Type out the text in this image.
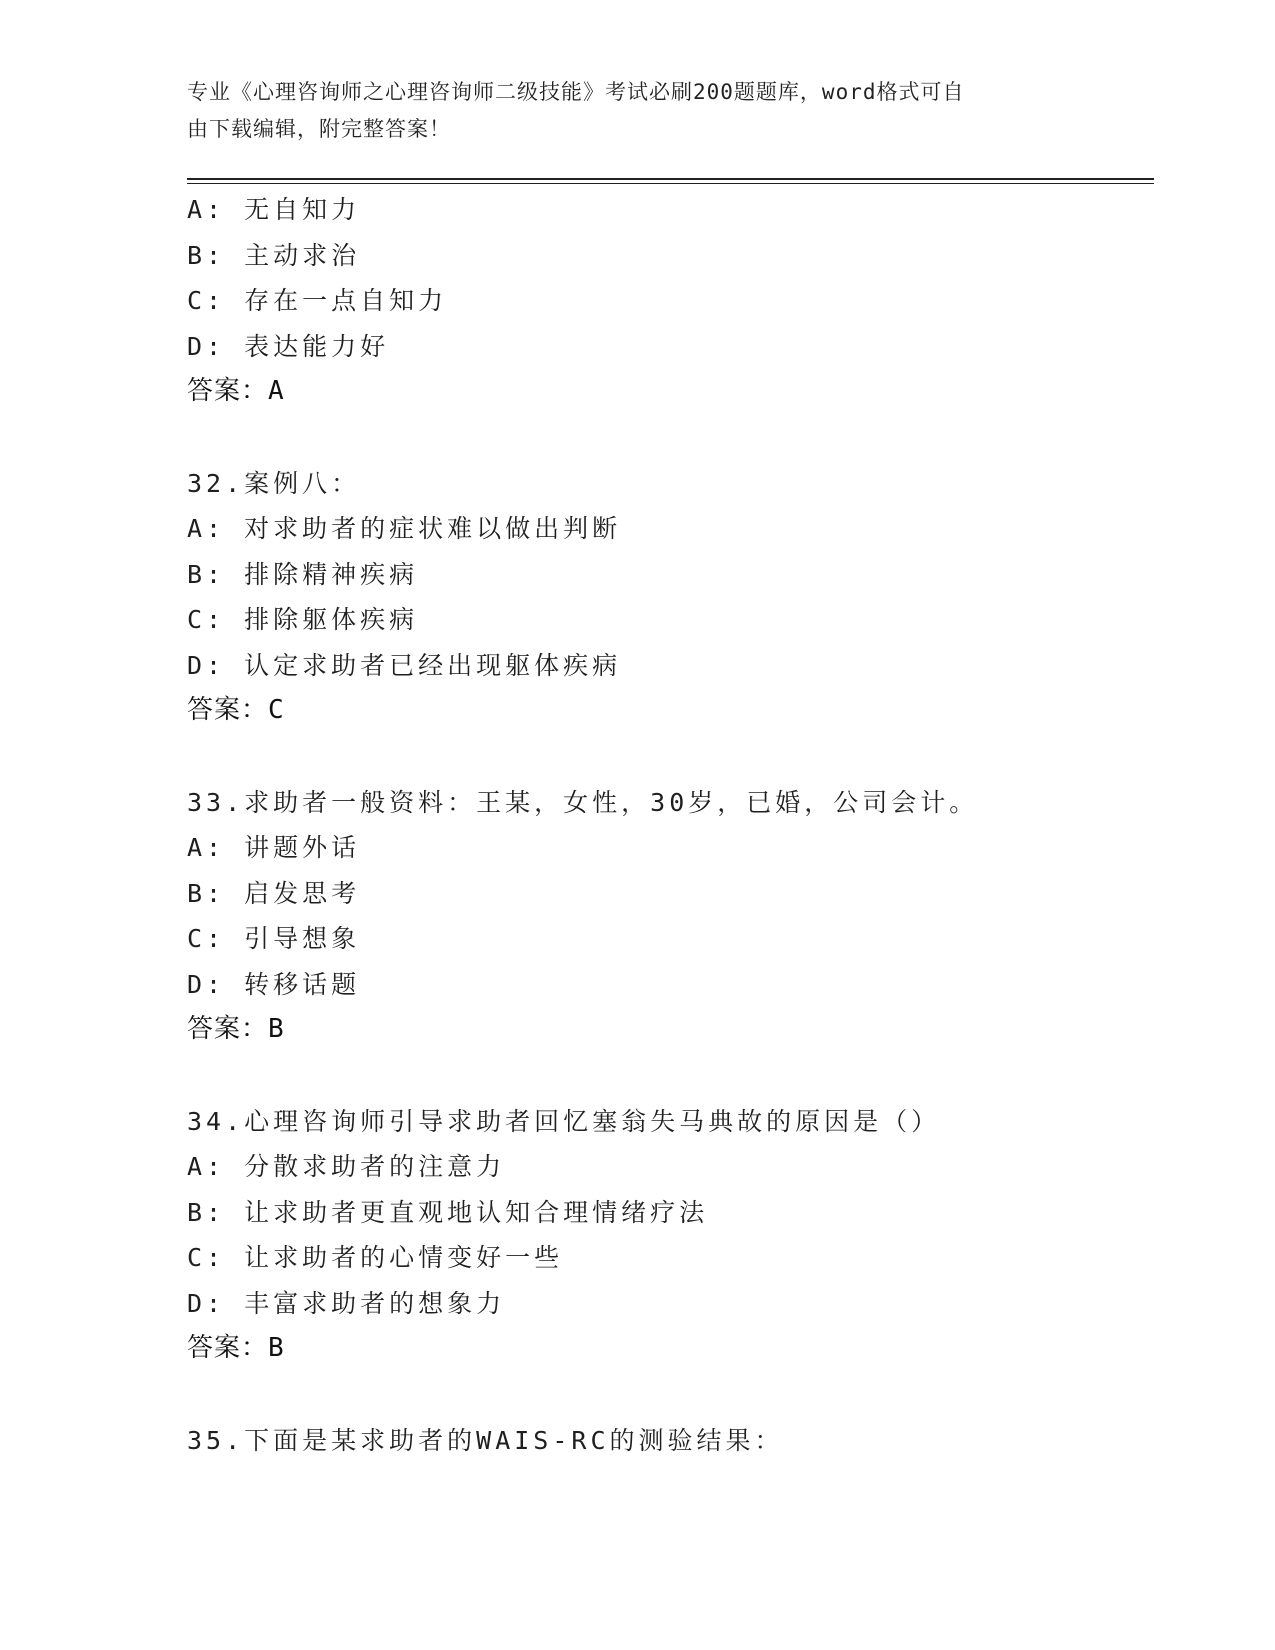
专业《心理咨询师之心理咨询师二级技能》考试必刷200题题库，word格式可自
由下载编辑，附完整答案！
A: 无自知力
B: 主动求治
C: 存在一点自知力
D: 表达能力好
答案：A
32.案例八：
A: 对求助者的症状难以做出判断
B: 排除精神疾病
C: 排除躯体疾病
D: 认定求助者已经出现躯体疾病
答案：C
33.求助者一般资料：王某，女性，30岁，已婚，公司会计。
A: 讲题外话
B: 启发思考
C: 引导想象
D: 转移话题
答案：B
34.心理咨询师引导求助者回忆塞翁失马典故的原因是（）
A: 分散求助者的注意力
B: 让求助者更直观地认知合理情绪疗法
C: 让求助者的心情变好一些
D: 丰富求助者的想象力
答案：B
35.下面是某求助者的WAIS-RC的测验结果：
